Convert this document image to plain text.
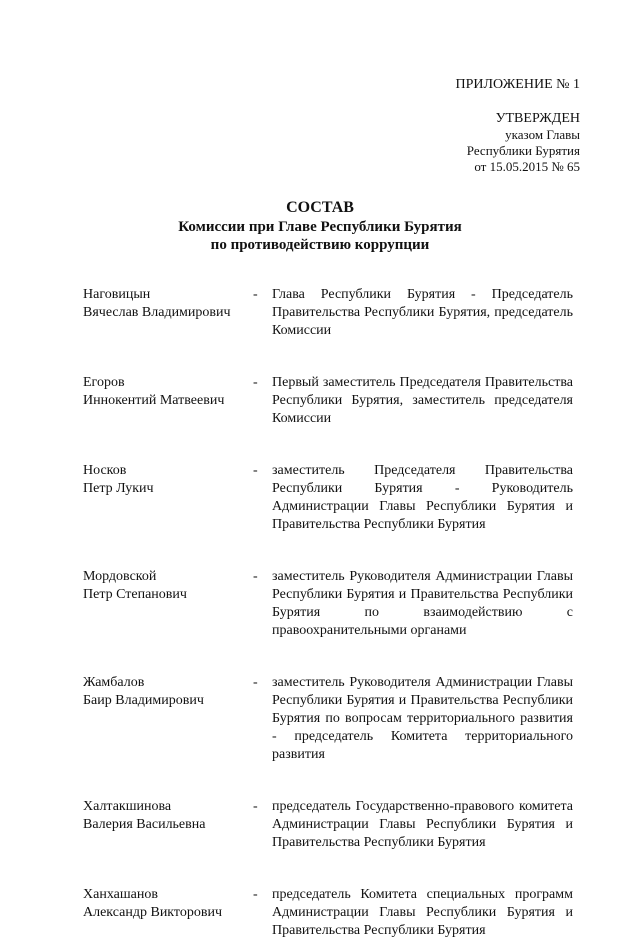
ПРИЛОЖЕНИЕ № 1
УТВЕРЖДЕН
указом Главы
Республики Бурятия
от 15.05.2015 № 65
СОСТАВ
Комиссии при Главе Республики Бурятия
по противодействию коррупции
Наговицын
Вячеслав Владимирович
-	Глава Республики Бурятия - Председатель Правительства Республики Бурятия, председатель Комиссии
Егоров
Иннокентий Матвеевич
-	Первый заместитель Председателя Правительства Республики Бурятия, заместитель председателя Комиссии
Носков
Петр Лукич
-	заместитель Председателя Правительства Республики Бурятия - Руководитель Администрации Главы Республики Бурятия и Правительства Республики Бурятия
Мордовской
Петр Степанович
-	заместитель Руководителя Администрации Главы Республики Бурятия и Правительства Республики Бурятия по взаимодействию с правоохранительными органами
Жамбалов
Баир Владимирович
-	заместитель Руководителя Администрации Главы Республики Бурятия и Правительства Республики Бурятия по вопросам территориального развития - председатель Комитета территориального развития
Халтакшинова
Валерия Васильевна
-	председатель Государственно-правового комитета Администрации Главы Республики Бурятия и Правительства Республики Бурятия
Ханхашанов
Александр Викторович
-	председатель Комитета специальных программ Администрации Главы Республики Бурятия и Правительства Республики Бурятия
